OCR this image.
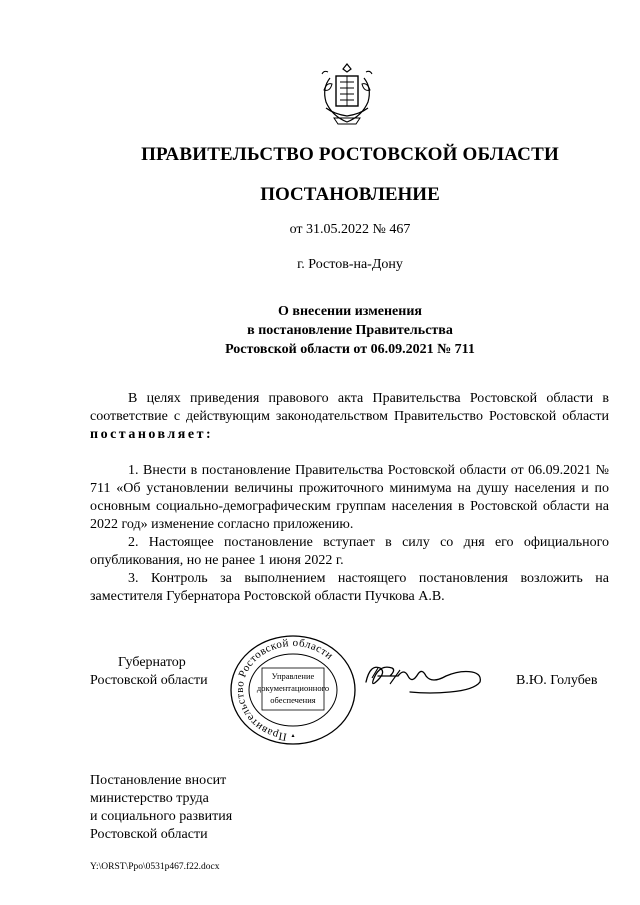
ПРАВИТЕЛЬСТВО РОСТОВСКОЙ ОБЛАСТИ
ПОСТАНОВЛЕНИЕ
от 31.05.2022 № 467
г. Ростов-на-Дону
О внесении изменения
в постановление Правительства
Ростовской области от 06.09.2021 № 711

В целях приведения правового акта Правительства Ростовской области в соответствие с действующим законодательством Правительство Ростовской области постановляет:

1. Внести в постановление Правительства Ростовской области от 06.09.2021 № 711 «Об установлении величины прожиточного минимума на душу населения и по основным социально-демографическим группам населения в Ростовской области на 2022 год» изменение согласно приложению.

2. Настоящее постановление вступает в силу со дня его официального опубликования, но не ранее 1 июня 2022 г.

3. Контроль за выполнением настоящего постановления возложить на заместителя Губернатора Ростовской области Пучкова А.В.

Губернатор
Ростовской области
Правительство Ростовской области
Управление
документационного
обеспечения
В.Ю. Голубев
Постановление вносит
министерство труда
и социального развития
Ростовской области
Y:\ORST\Ppo\0531p467.f22.docx
